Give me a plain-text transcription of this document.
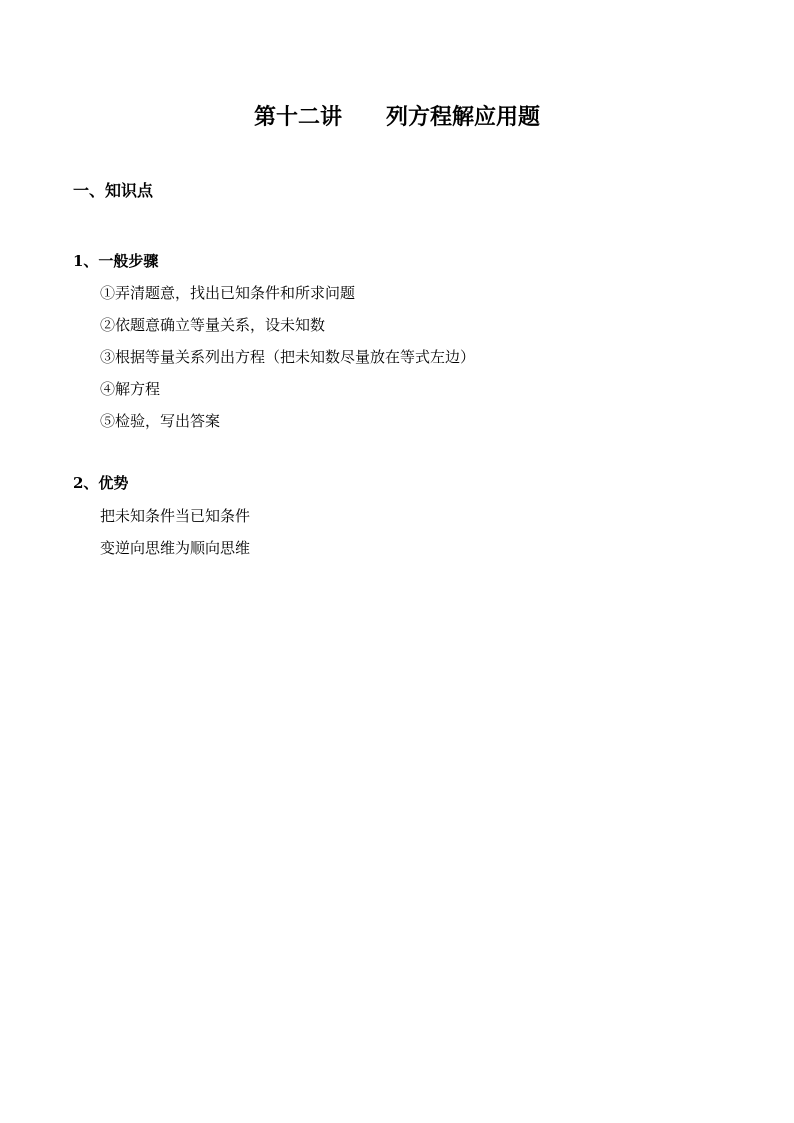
第十二讲 列方程解应用题
一、知识点
1、一般步骤
①弄清题意，找出已知条件和所求问题
②依题意确立等量关系，设未知数
③根据等量关系列出方程（把未知数尽量放在等式左边）
④解方程
⑤检验，写出答案
2、优势
把未知条件当已知条件
变逆向思维为顺向思维
